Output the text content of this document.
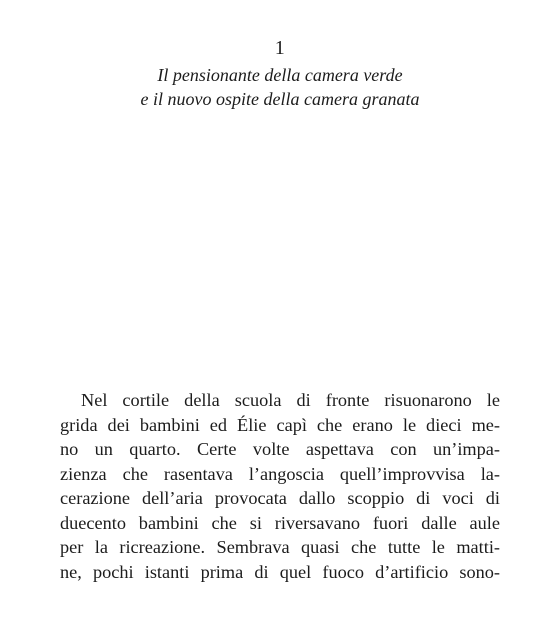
1
Il pensionante della camera verde
e il nuovo ospite della camera granata
Nel cortile della scuola di fronte risuonarono le
grida dei bambini ed Élie capì che erano le dieci me-
no un quarto. Certe volte aspettava con un’impa-
zienza che rasentava l’angoscia quell’improvvisa la-
cerazione dell’aria provocata dallo scoppio di voci di
duecento bambini che si riversavano fuori dalle aule
per la ricreazione. Sembrava quasi che tutte le matti-
ne, pochi istanti prima di quel fuoco d’artificio sono-
